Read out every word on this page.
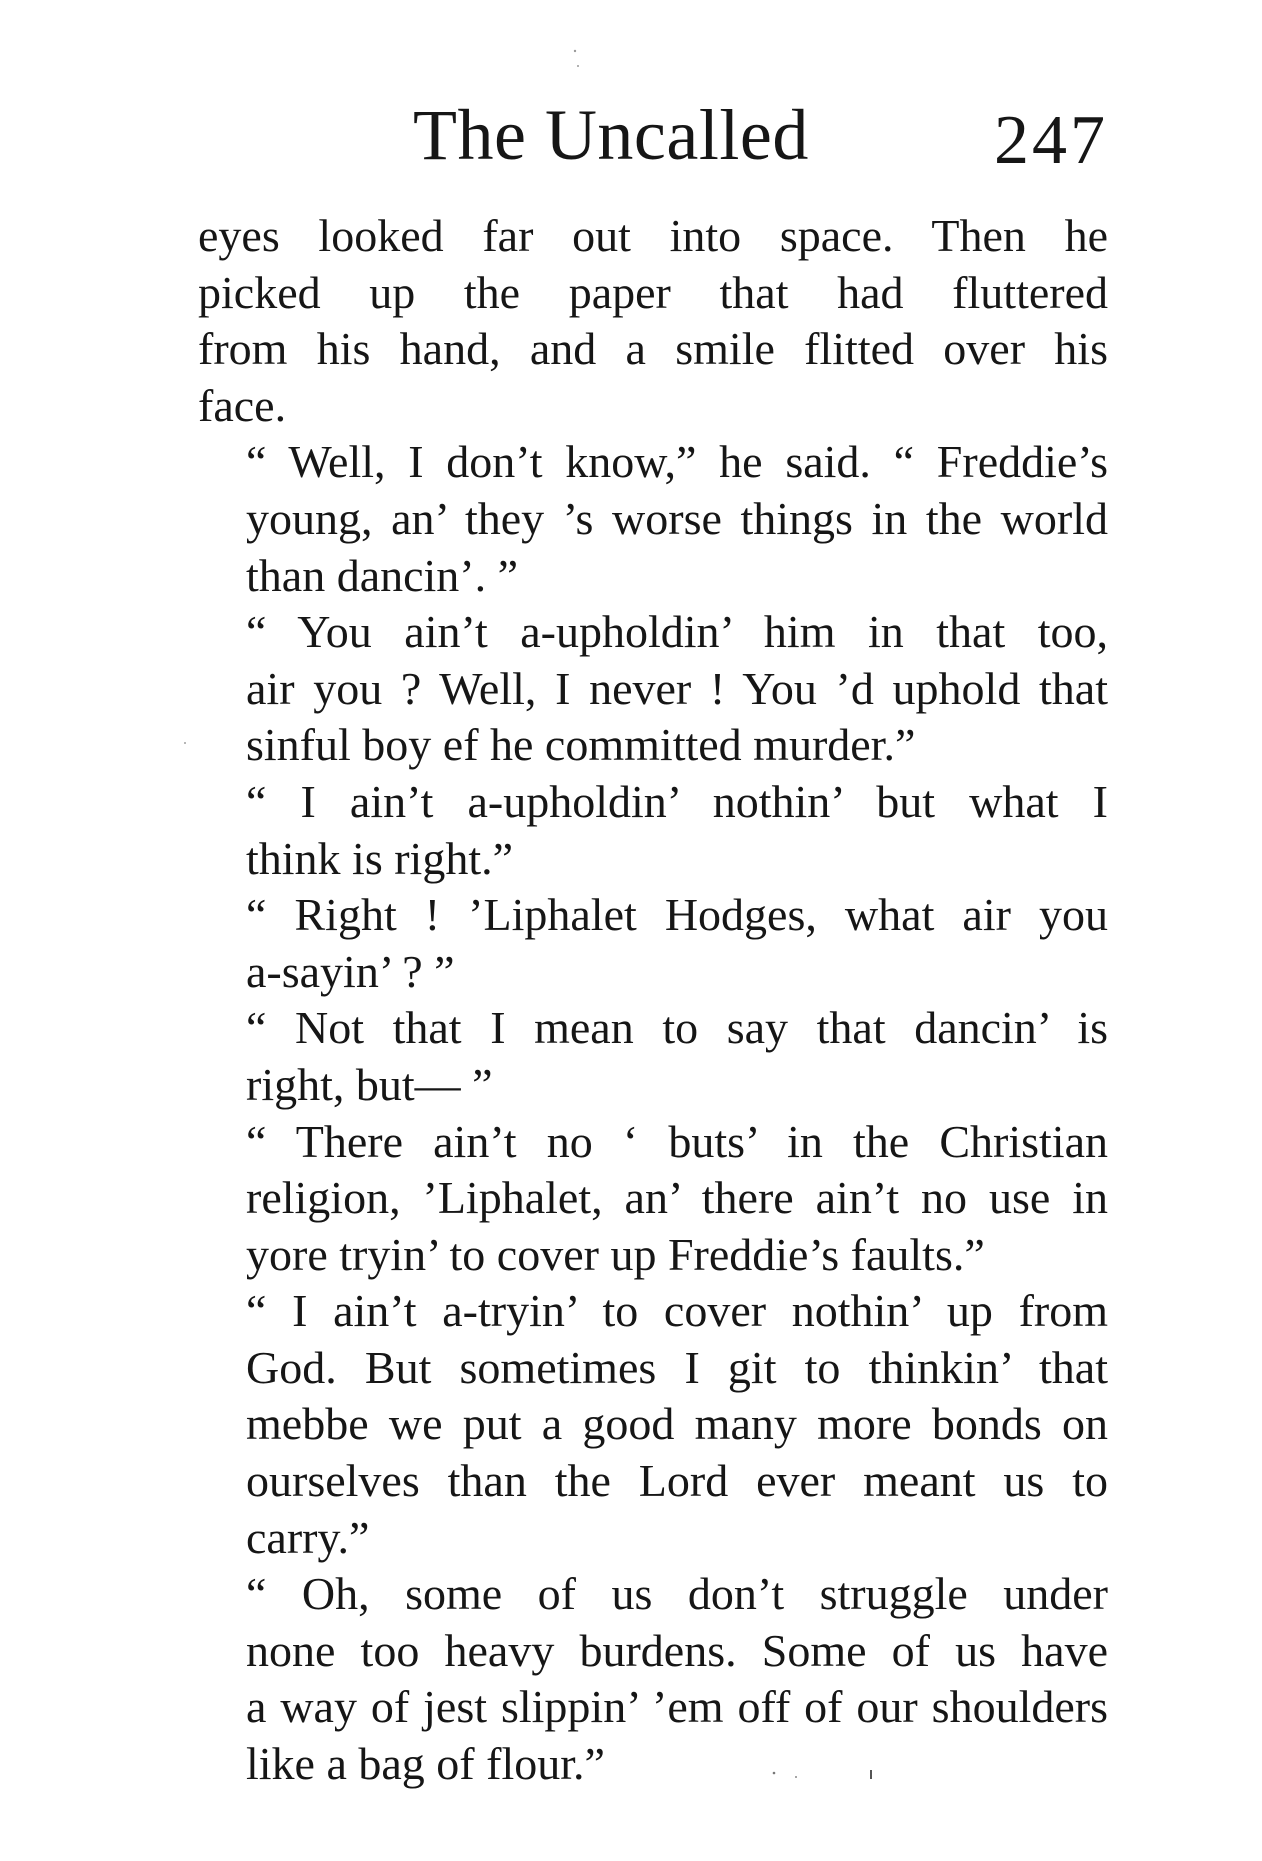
The Uncalled	247

eyes looked far out into space. Then he
picked up the paper that had fluttered
from his hand, and a smile flitted over his
face.

“ Well, I don’t know,” he said. “ Freddie’s
young, an’ they ’s worse things in the world
than dancin’. ”

“ You ain’t a-upholdin’ him in that too,
air you ? Well, I never ! You ’d uphold that
sinful boy ef he committed murder.”

“ I ain’t a-upholdin’ nothin’ but what I
think is right.”

“ Right ! ’Liphalet Hodges, what air you
a-sayin’ ? ”

“ Not that I mean to say that dancin’ is
right, but— ”

“ There ain’t no ‘ buts’ in the Christian
religion, ’Liphalet, an’ there ain’t no use in
yore tryin’ to cover up Freddie’s faults.”

“ I ain’t a-tryin’ to cover nothin’ up from
God. But sometimes I git to thinkin’ that
mebbe we put a good many more bonds on
ourselves than the Lord ever meant us to
carry.”

“ Oh, some of us don’t struggle under
none too heavy burdens. Some of us have
a way of jest slippin’ ’em off of our shoulders
like a bag of flour.”
